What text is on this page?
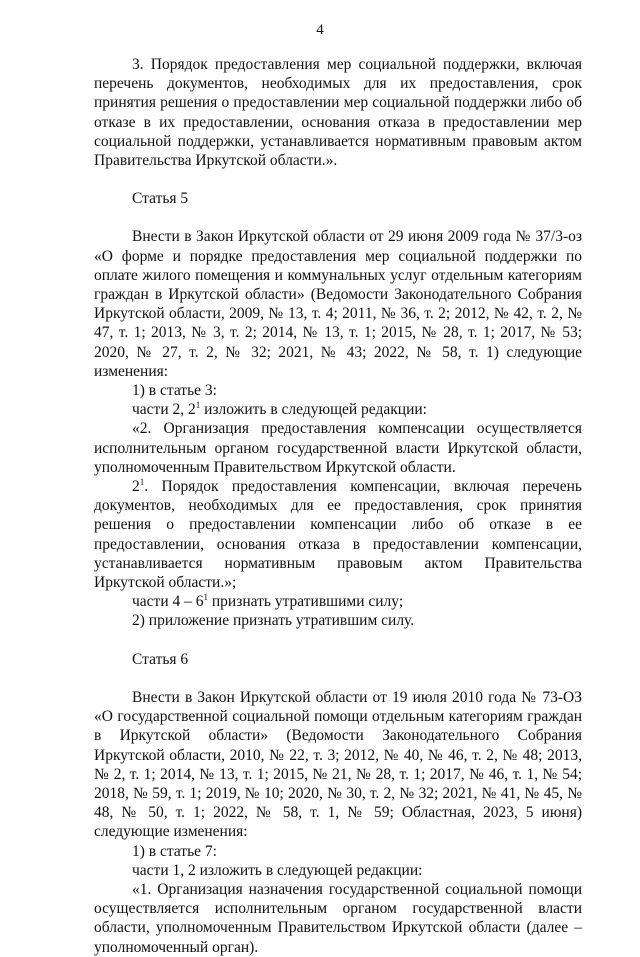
4

3. Порядок предоставления мер социальной поддержки, включая перечень документов, необходимых для их предоставления, срок принятия решения о предоставлении мер социальной поддержки либо об отказе в их предоставлении, основания отказа в предоставлении мер социальной поддержки, устанавливается нормативным правовым актом Правительства Иркутской области.».

Статья 5

Внести в Закон Иркутской области от 29 июня 2009 года № 37/3-оз «О форме и порядке предоставления мер социальной поддержки по оплате жилого помещения и коммунальных услуг отдельным категориям граждан в Иркутской области» (Ведомости Законодательного Собрания Иркутской области, 2009, № 13, т. 4; 2011, № 36, т. 2; 2012, № 42, т. 2, № 47, т. 1; 2013, № 3, т. 2; 2014, № 13, т. 1; 2015, № 28, т. 1; 2017, № 53; 2020, № 27, т. 2, № 32; 2021, № 43; 2022, № 58, т. 1) следующие изменения:

1) в статье 3:

части 2, $2^1$ изложить в следующей редакции:

«2. Организация предоставления компенсации осуществляется исполнительным органом государственной власти Иркутской области, уполномоченным Правительством Иркутской области.

$2^1$. Порядок предоставления компенсации, включая перечень документов, необходимых для ее предоставления, срок принятия решения о предоставлении компенсации либо об отказе в ее предоставлении, основания отказа в предоставлении компенсации, устанавливается нормативным правовым актом Правительства Иркутской области.»;

части $4 - 6^1$ признать утратившими силу;

2) приложение признать утратившим силу.

Статья 6

Внести в Закон Иркутской области от 19 июля 2010 года № 73-ОЗ «О государственной социальной помощи отдельным категориям граждан в Иркутской области» (Ведомости Законодательного Собрания Иркутской области, 2010, № 22, т. 3; 2012, № 40, № 46, т. 2, № 48; 2013, № 2, т. 1; 2014, № 13, т. 1; 2015, № 21, № 28, т. 1; 2017, № 46, т. 1, № 54; 2018, № 59, т. 1; 2019, № 10; 2020, № 30, т. 2, № 32; 2021, № 41, № 45, № 48, № 50, т. 1; 2022, № 58, т. 1, № 59; Областная, 2023, 5 июня) следующие изменения:

1) в статье 7:

части 1, 2 изложить в следующей редакции:

«1. Организация назначения государственной социальной помощи осуществляется исполнительным органом государственной власти области, уполномоченным Правительством Иркутской области (далее – уполномоченный орган).
